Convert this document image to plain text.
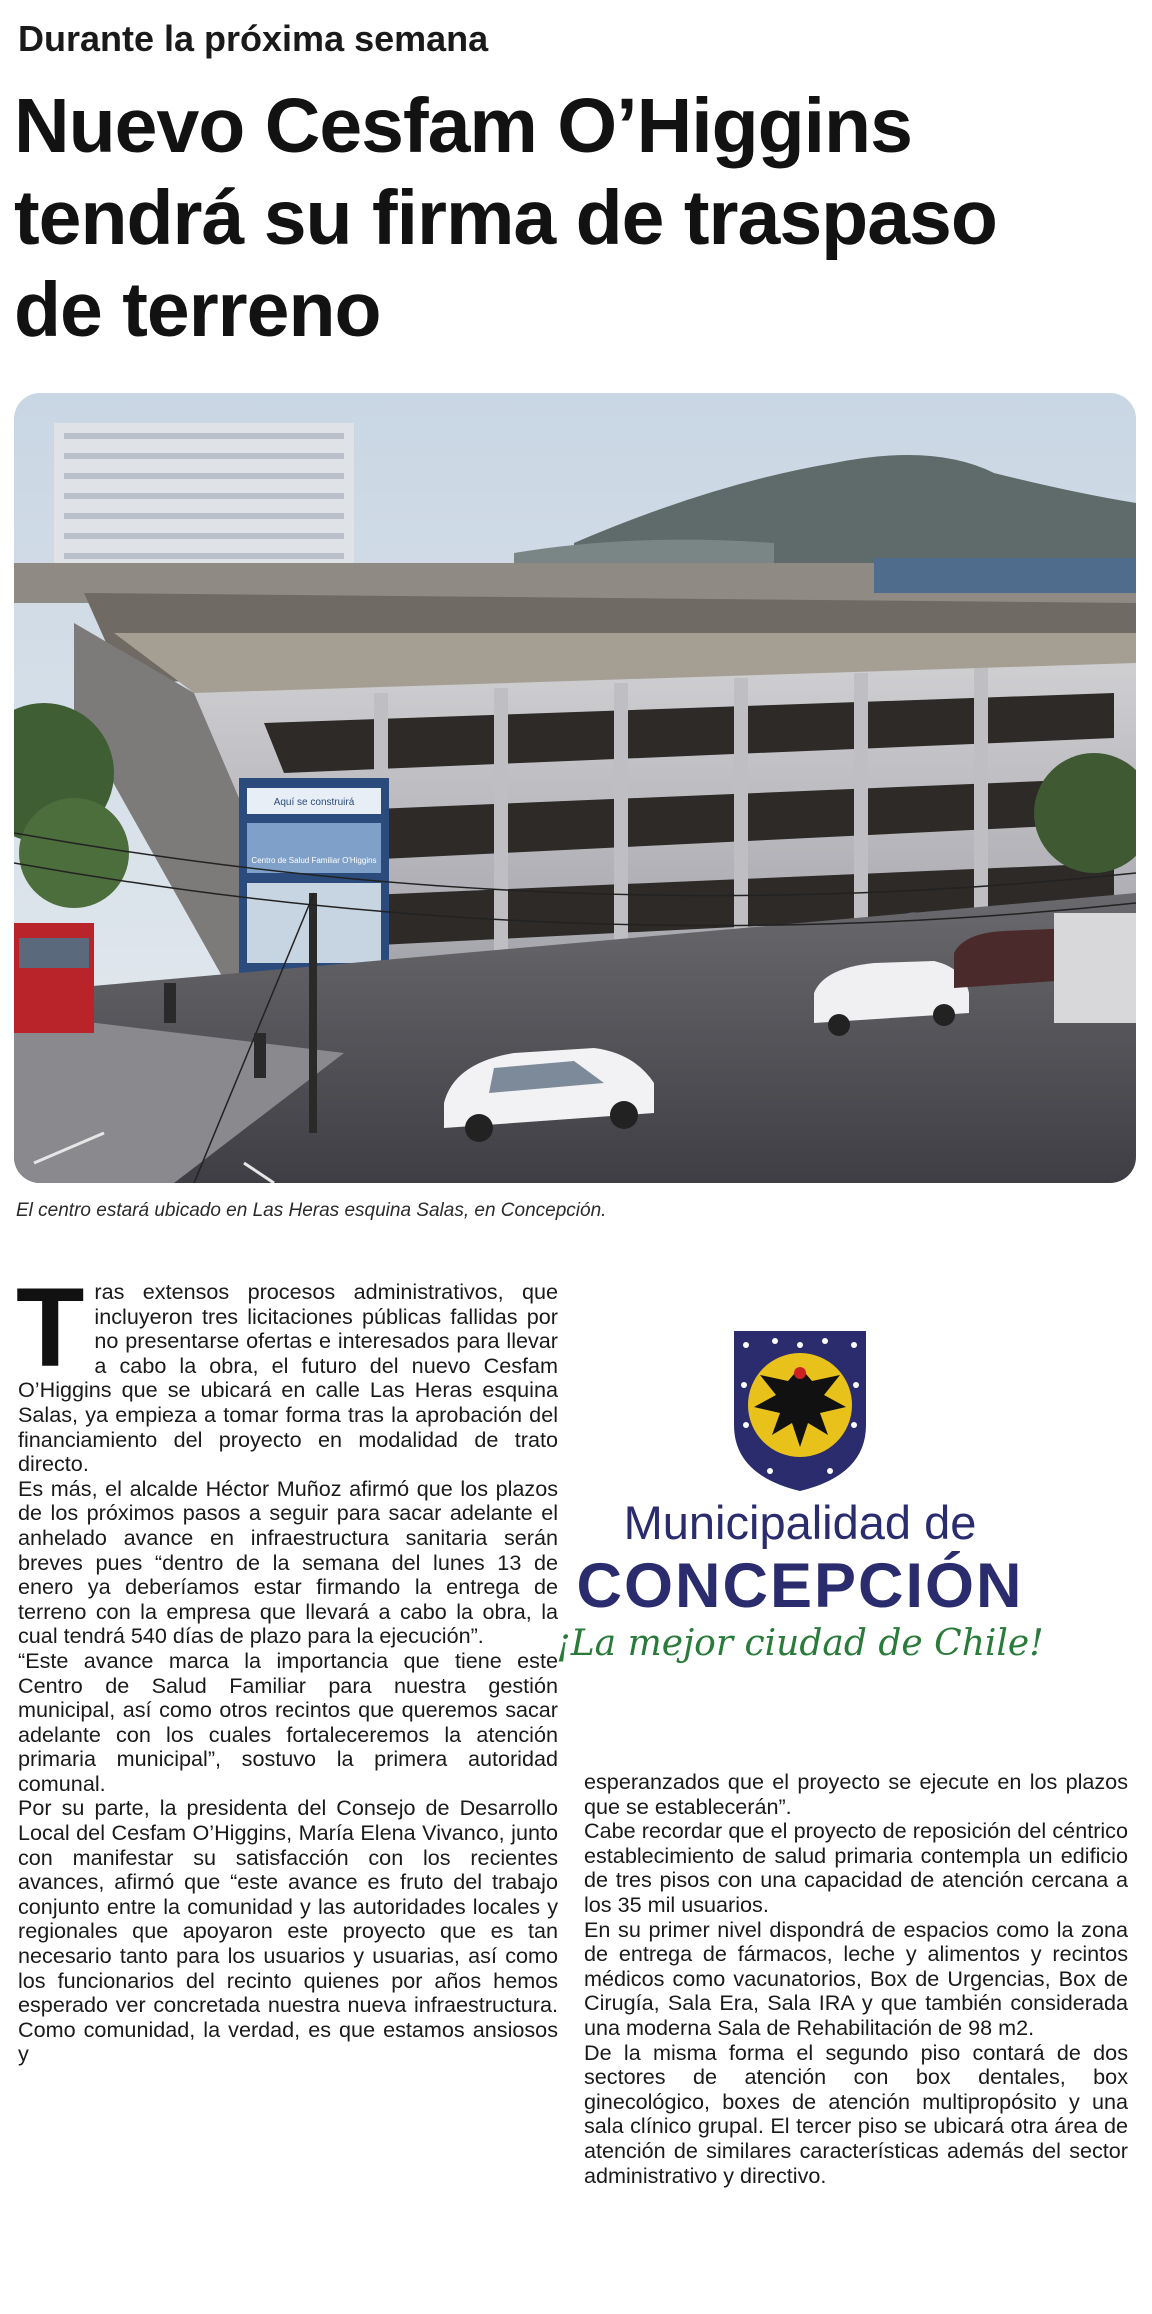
Durante la próxima semana
Nuevo Cesfam O’Higgins
tendrá su firma de traspaso
de terreno
Aquí se construirá
Centro de Salud Familiar O'Higgins
El centro estará ubicado en Las Heras esquina Salas, en Concepción.

Tras extensos procesos administrativos, que incluyeron tres licitaciones públicas fallidas por no presentarse ofertas e interesados para llevar a cabo la obra, el futuro del nuevo Cesfam O’Higgins que se ubicará en calle Las Heras esquina Salas, ya empieza a tomar forma tras la aprobación del financiamiento del proyecto en modalidad de trato directo.

Es más, el alcalde Héctor Muñoz afirmó que los plazos de los próximos pasos a seguir para sacar adelante el anhelado avance en infraestructura sanitaria serán breves pues “dentro de la semana del lunes 13 de enero ya deberíamos estar firmando la entrega de terreno con la empresa que llevará a cabo la obra, la cual tendrá 540 días de plazo para la ejecución”.

“Este avance marca la importancia que tiene este Centro de Salud Familiar para nuestra gestión municipal, así como otros recintos que queremos sacar adelante con los cuales fortaleceremos la atención primaria municipal”, sostuvo la primera autoridad comunal.

Por su parte, la presidenta del Consejo de Desarrollo Local del Cesfam O’Higgins, María Elena Vivanco, junto con manifestar su satisfacción con los recientes avances, afirmó que “este avance es fruto del trabajo conjunto entre la comunidad y las autoridades locales y regionales que apoyaron este proyecto que es tan necesario tanto para los usuarios y usuarias, así como los funcionarios del recinto quienes por años hemos esperado ver concretada nuestra nueva infraestructura. Como comunidad, la verdad, es que estamos ansiosos y

Municipalidad de
CONCEPCIÓN
¡La mejor ciudad de Chile!

esperanzados que el proyecto se ejecute en los plazos que se establecerán”.

Cabe recordar que el proyecto de reposición del céntrico establecimiento de salud primaria contempla un edificio de tres pisos con una capacidad de atención cercana a los 35 mil usuarios.

En su primer nivel dispondrá de espacios como la zona de entrega de fármacos, leche y alimentos y recintos médicos como vacunatorios, Box de Urgencias, Box de Cirugía, Sala Era, Sala IRA y que también considerada una moderna Sala de Rehabilitación de 98 m2.

De la misma forma el segundo piso contará de dos sectores de atención con box dentales, box ginecológico, boxes de atención multipropósito y una sala clínico grupal. El tercer piso se ubicará otra área de atención de similares características además del sector administrativo y directivo.
